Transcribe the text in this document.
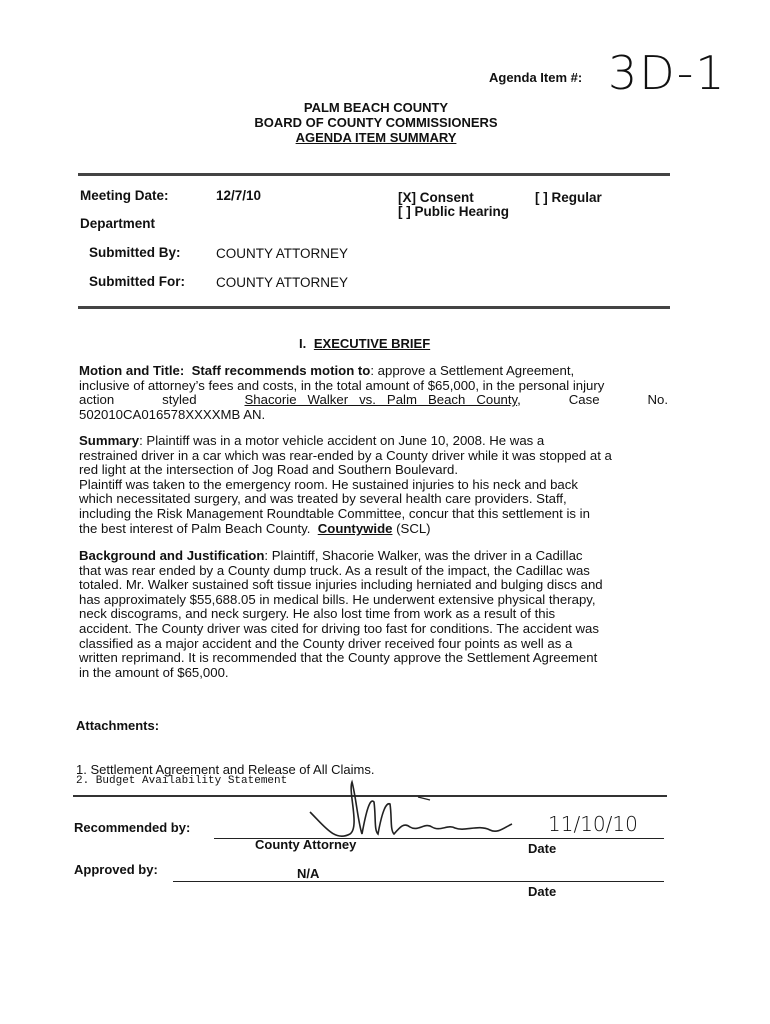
Agenda Item #: 3D-1
PALM BEACH COUNTY
BOARD OF COUNTY COMMISSIONERS
AGENDA ITEM SUMMARY
Meeting Date:	12/7/10	[X] Consent	[ ] Regular
[ ] Public Hearing
Department
Submitted By:	COUNTY ATTORNEY
Submitted For: COUNTY ATTORNEY
I. EXECUTIVE BRIEF
Motion and Title: Staff recommends motion to: approve a Settlement Agreement,
inclusive of attorney’s fees and costs, in the total amount of $65,000, in the personal injury
action	styled	Shacorie   Walker   vs.   Palm   Beach   County,	Case	No.
502010CA016578XXXXMB AN.
Summary: Plaintiff was in a motor vehicle accident on June 10, 2008. He was a
restrained driver in a car which was rear-ended by a County driver while it was stopped at a
red light at the intersection of Jog Road and Southern Boulevard.
Plaintiff was taken to the emergency room. He sustained injuries to his neck and back
which necessitated surgery, and was treated by several health care providers. Staff,
including the Risk Management Roundtable Committee, concur that this settlement is in
the best interest of Palm Beach County. Countywide (SCL)
Background and Justification: Plaintiff, Shacorie Walker, was the driver in a Cadillac
that was rear ended by a County dump truck. As a result of the impact, the Cadillac was
totaled. Mr. Walker sustained soft tissue injuries including herniated and bulging discs and
has approximately $55,688.05 in medical bills. He underwent extensive physical therapy,
neck discograms, and neck surgery. He also lost time from work as a result of this
accident. The County driver was cited for driving too fast for conditions. The accident was
classified as a major accident and the County driver received four points as well as a
written reprimand. It is recommended that the County approve the Settlement Agreement
in the amount of $65,000.
Attachments:
1. Settlement Agreement and Release of All Claims.
2. Budget Availability Statement
Recommended by:
County Attorney
11/10/10
Date
Approved by:	N/A
Date
